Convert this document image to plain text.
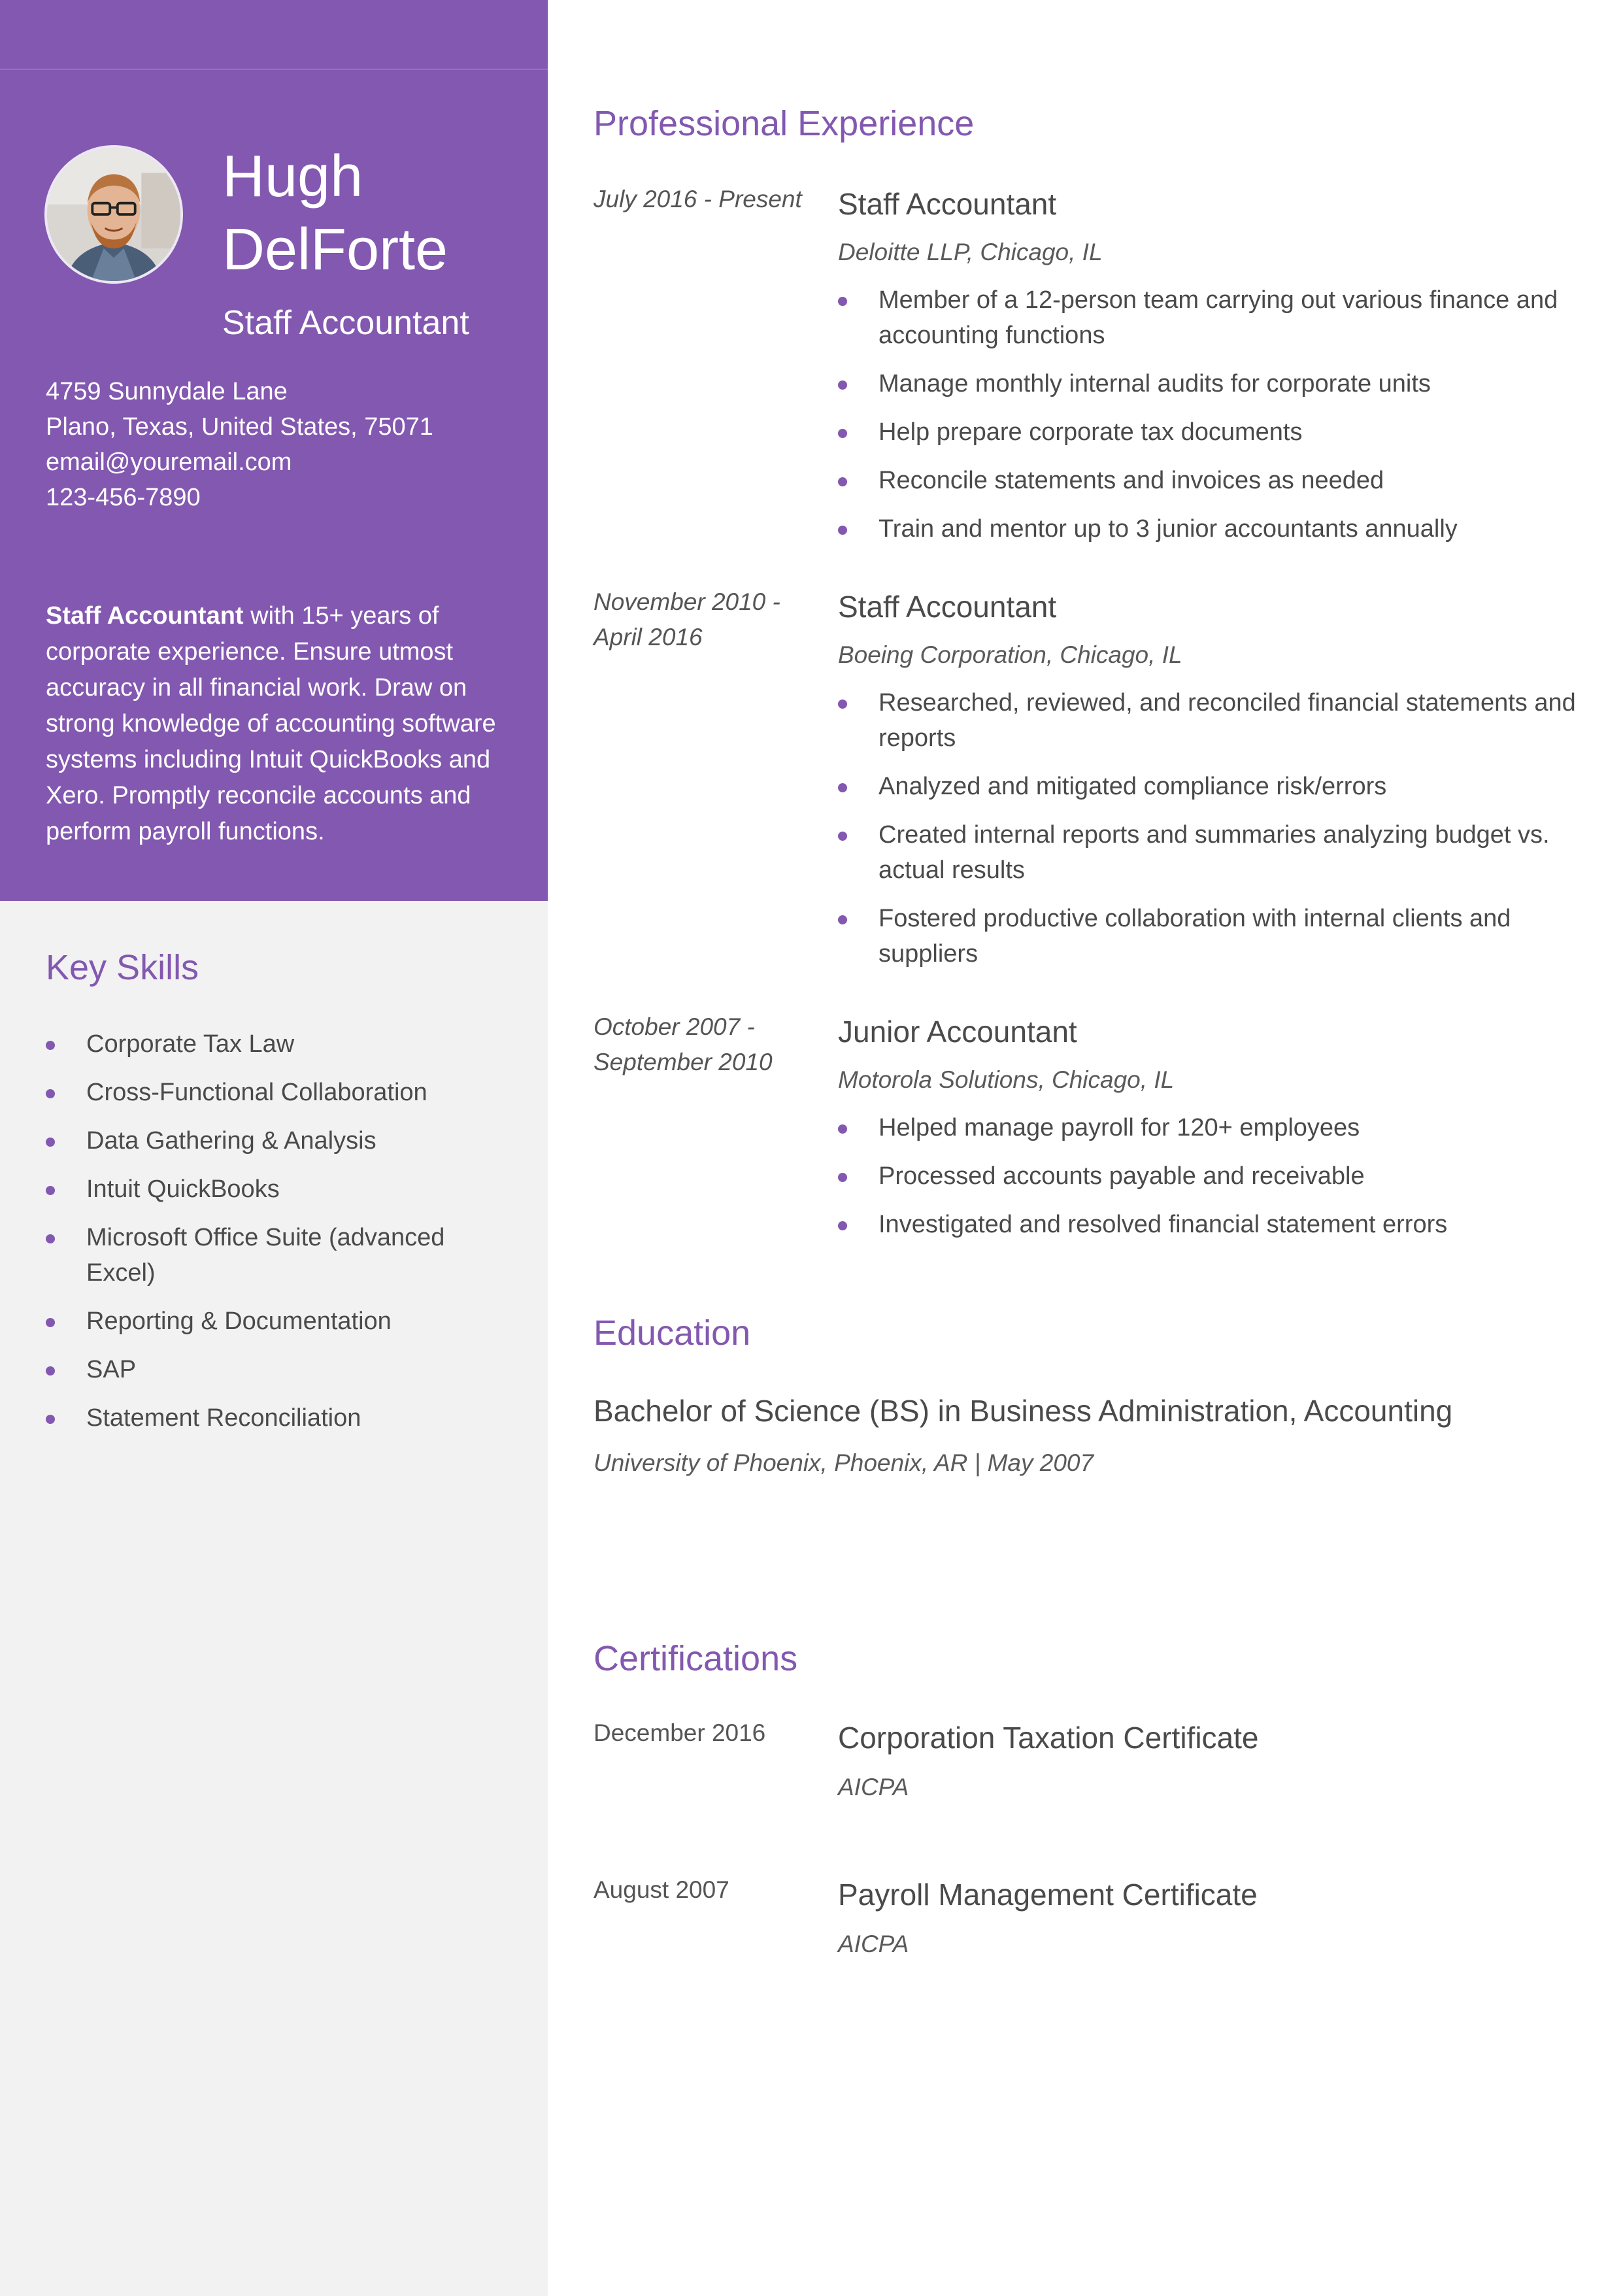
Hugh
DelForte
Staff Accountant
4759 Sunnydale Lane
Plano, Texas, United States, 75071
email@youremail.com
123-456-7890
Staff Accountant with 15+ years of corporate experience. Ensure utmost accuracy in all financial work. Draw on strong knowledge of accounting software systems including Intuit QuickBooks and Xero. Promptly reconcile accounts and perform payroll functions.
Key Skills
Corporate Tax Law
Cross-Functional Collaboration
Data Gathering & Analysis
Intuit QuickBooks
Microsoft Office Suite (advanced Excel)
Reporting & Documentation
SAP
Statement Reconciliation
Professional Experience
July 2016 - Present	Staff Accountant
Deloitte LLP, Chicago, IL
Member of a 12-person team carrying out various finance and accounting functions
Manage monthly internal audits for corporate units
Help prepare corporate tax documents
Reconcile statements and invoices as needed
Train and mentor up to 3 junior accountants annually
November 2010 - April 2016
Staff Accountant
Boeing Corporation, Chicago, IL
Researched, reviewed, and reconciled financial statements and reports
Analyzed and mitigated compliance risk/errors
Created internal reports and summaries analyzing budget vs. actual results
Fostered productive collaboration with internal clients and suppliers
October 2007 - September 2010
Junior Accountant
Motorola Solutions, Chicago, IL
Helped manage payroll for 120+ employees
Processed accounts payable and receivable
Investigated and resolved financial statement errors
Education
Bachelor of Science (BS) in Business Administration, Accounting
University of Phoenix, Phoenix, AR | May 2007
Certifications
December 2016 Corporation Taxation Certificate
AICPA
August 2007	Payroll Management Certificate
AICPA
